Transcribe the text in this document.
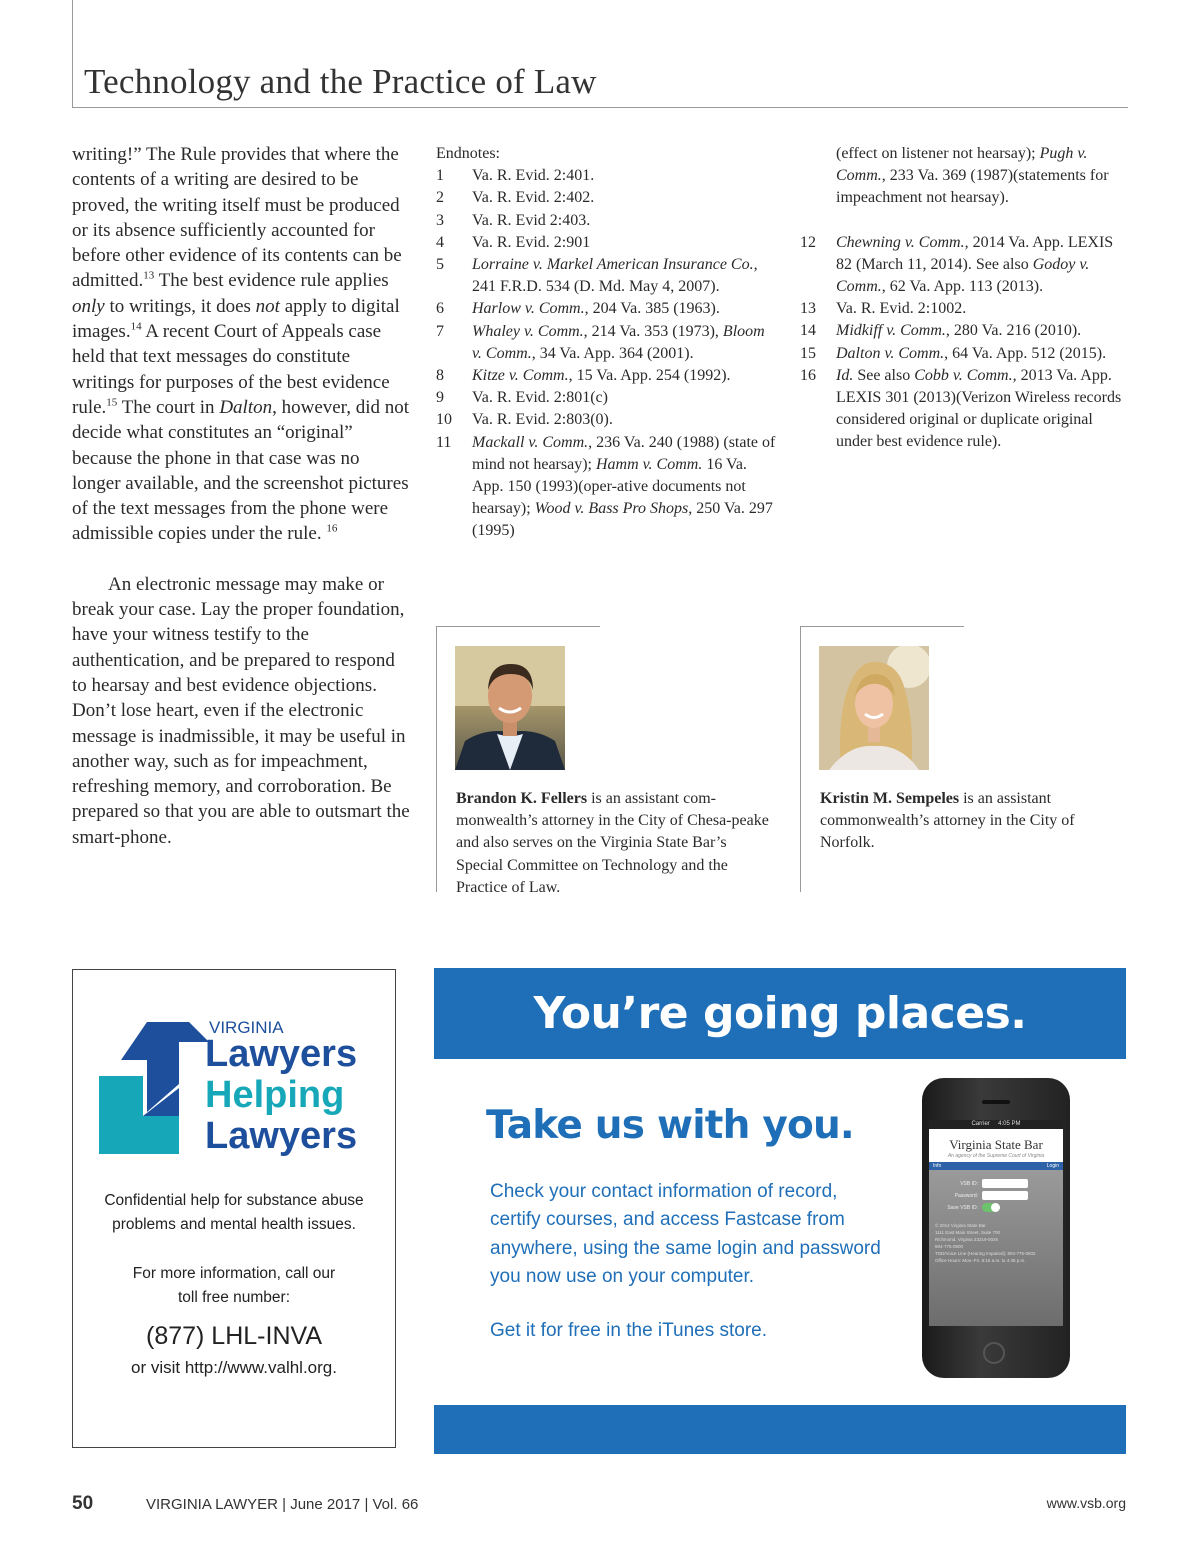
Technology and the Practice of Law

writing!” The Rule provides that where the contents of a writing are desired to be proved, the writing itself must be produced or its absence sufficiently accounted for before other evidence of its contents can be admitted.$^{13}$ The best evidence rule applies only to writings, it does not apply to digital images.$^{14}$ A recent Court of Appeals case held that text messages do constitute writings for purposes of the best evidence rule.$^{15}$ The court in Dalton, however, did not decide what constitutes an “original” because the phone in that case was no longer available, and the screenshot pictures of the text messages from the phone were admissible copies under the rule. $^{16}$

An electronic message may make or break your case. Lay the proper foundation, have your witness testify to the authentication, and be prepared to respond to hearsay and best evidence objections. Don’t lose heart, even if the electronic message is inadmissible, it may be useful in another way, such as for impeachment, refreshing memory, and corroboration. Be prepared so that you are able to outsmart the smart-phone.

Endnotes:
1	Va. R. Evid. 2:401.
2	Va. R. Evid. 2:402.
3	Va. R. Evid 2:403.
4	Va. R. Evid. 2:901
5	Lorraine v. Markel American Insurance Co., 241 F.R.D. 534 (D. Md. May 4, 2007).
6	Harlow v. Comm., 204 Va. 385 (1963).
7	Whaley v. Comm., 214 Va. 353 (1973), Bloom v. Comm., 34 Va. App. 364 (2001).
8	Kitze v. Comm., 15 Va. App. 254 (1992).
9	Va. R. Evid. 2:801(c)
10	Va. R. Evid. 2:803(0).
11	Mackall v. Comm., 236 Va. 240 (1988) (state of mind not hearsay); Hamm v. Comm. 16 Va. App. 150 (1993)(oper-ative documents not hearsay); Wood v. Bass Pro Shops, 250 Va. 297 (1995)
(effect on listener not hearsay); Pugh v. Comm., 233 Va. 369 (1987)(statements for impeachment not hearsay).
12	Chewning v. Comm., 2014 Va. App. LEXIS 82 (March 11, 2014). See also Godoy v. Comm., 62 Va. App. 113 (2013).
13	Va. R. Evid. 2:1002.
14	Midkiff v. Comm., 280 Va. 216 (2010).
15	Dalton v. Comm., 64 Va. App. 512 (2015).
16	Id. See also Cobb v. Comm., 2013 Va. App. LEXIS 301 (2013)(Verizon Wireless records considered original or duplicate original under best evidence rule).
Brandon K. Fellers is an assistant com-monwealth’s attorney in the City of Chesa-peake and also serves on the Virginia State Bar’s Special Committee on Technology and the Practice of Law.
Kristin M. Sempeles is an assistant commonwealth’s attorney in the City of Norfolk.
VIRGINIA
Lawyers
Helping
Lawyers
Confidential help for substance abuse
problems and mental health issues.
For more information, call our
toll free number:
(877) LHL-INVA
or visit http://www.valhl.org.
You’re going places.
Take us with you.
Check your contact information of record, certify courses, and access Fastcase from anywhere, using the same login and password you now use on your computer.
Get it for free in the iTunes store.
Carrier 4:05 PM
Virginia State Bar
An agency of the Supreme Court of Virginia
Info	Login
VSB ID:
Password:
Save VSB ID:
© 2014 Virginia State Bar
1111 East Main Street, Suite 700
Richmond, Virginia 23219-0026
804-775-0500
TDD/Voice Line (Hearing Impaired): 804-775-0502
Office Hours: Mon.-Fri. 8:15 a.m. to 4:45 p.m.
50	VIRGINIA LAWYER | June 2017 | Vol. 66	www.vsb.org
